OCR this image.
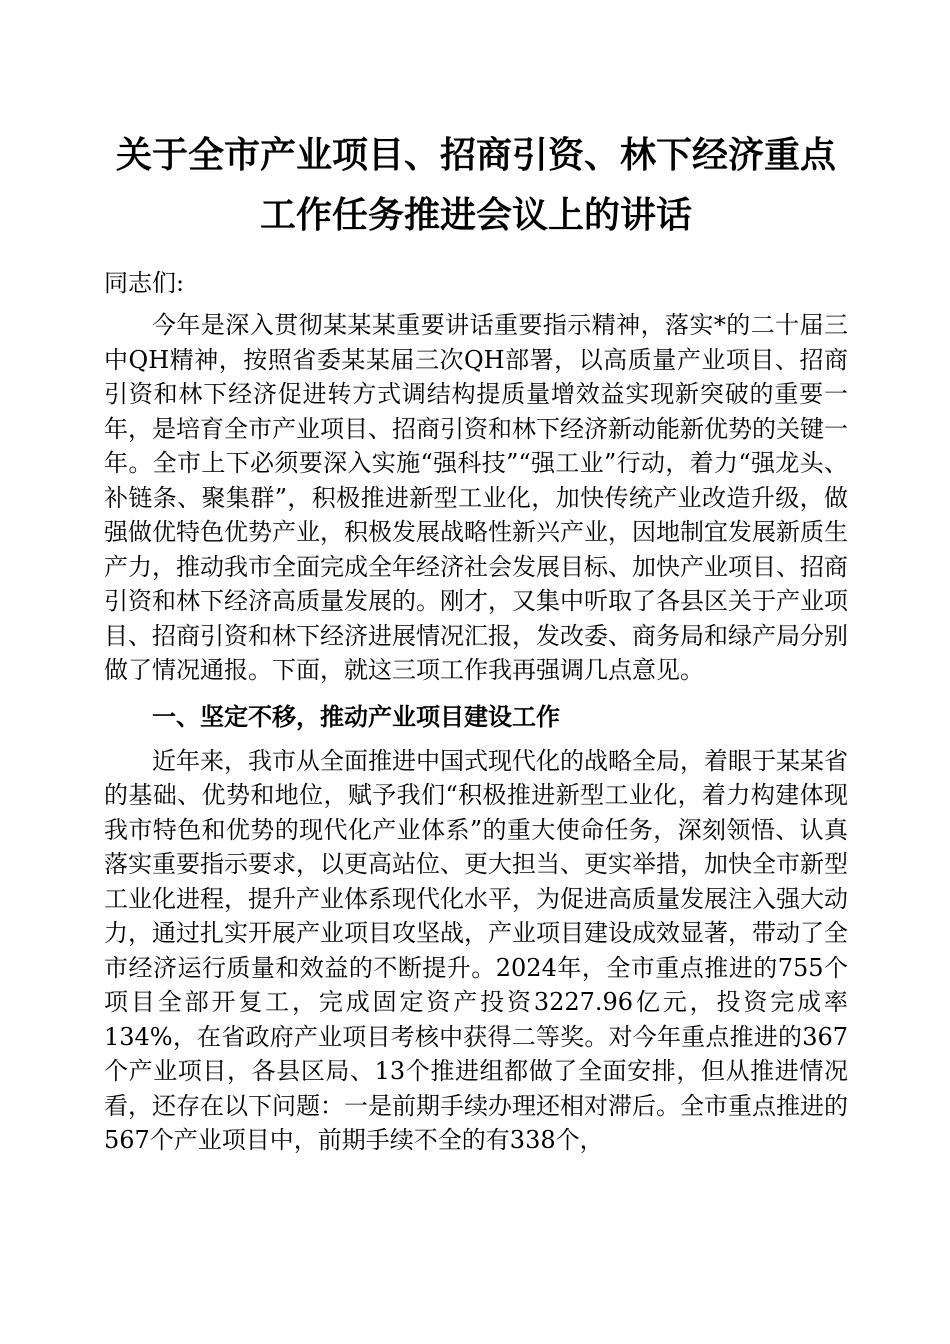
关于全市产业项目、招商引资、林下经济重点工作任务推进会议上的讲话

同志们:

今年是深入贯彻某某某重要讲话重要指示精神，落实*的二十届三中QH精神，按照省委某某届三次QH部署，以高质量产业项目、招商引资和林下经济促进转方式调结构提质量增效益实现新突破的重要一年，是培育全市产业项目、招商引资和林下经济新动能新优势的关键一年。全市上下必须要深入实施“强科技”“强工业”行动，着力“强龙头、补链条、聚集群”，积极推进新型工业化，加快传统产业改造升级，做强做优特色优势产业，积极发展战略性新兴产业，因地制宜发展新质生产力，推动我市全面完成全年经济社会发展目标、加快产业项目、招商引资和林下经济高质量发展的。刚才，又集中听取了各县区关于产业项目、招商引资和林下经济进展情况汇报，发改委、商务局和绿产局分别做了情况通报。下面，就这三项工作我再强调几点意见。

一、坚定不移，推动产业项目建设工作

近年来，我市从全面推进中国式现代化的战略全局，着眼于某某省的基础、优势和地位，赋予我们“积极推进新型工业化，着力构建体现我市特色和优势的现代化产业体系”的重大使命任务，深刻领悟、认真落实重要指示要求，以更高站位、更大担当、更实举措，加快全市新型工业化进程，提升产业体系现代化水平，为促进高质量发展注入强大动力，通过扎实开展产业项目攻坚战，产业项目建设成效显著，带动了全市经济运行质量和效益的不断提升。2024年，全市重点推进的755个项目全部开复工，完成固定资产投资3227.96亿元，投资完成率134%，在省政府产业项目考核中获得二等奖。对今年重点推进的367个产业项目，各县区局、13个推进组都做了全面安排，但从推进情况看，还存在以下问题：一是前期手续办理还相对滞后。全市重点推进的567个产业项目中，前期手续不全的有338个，
